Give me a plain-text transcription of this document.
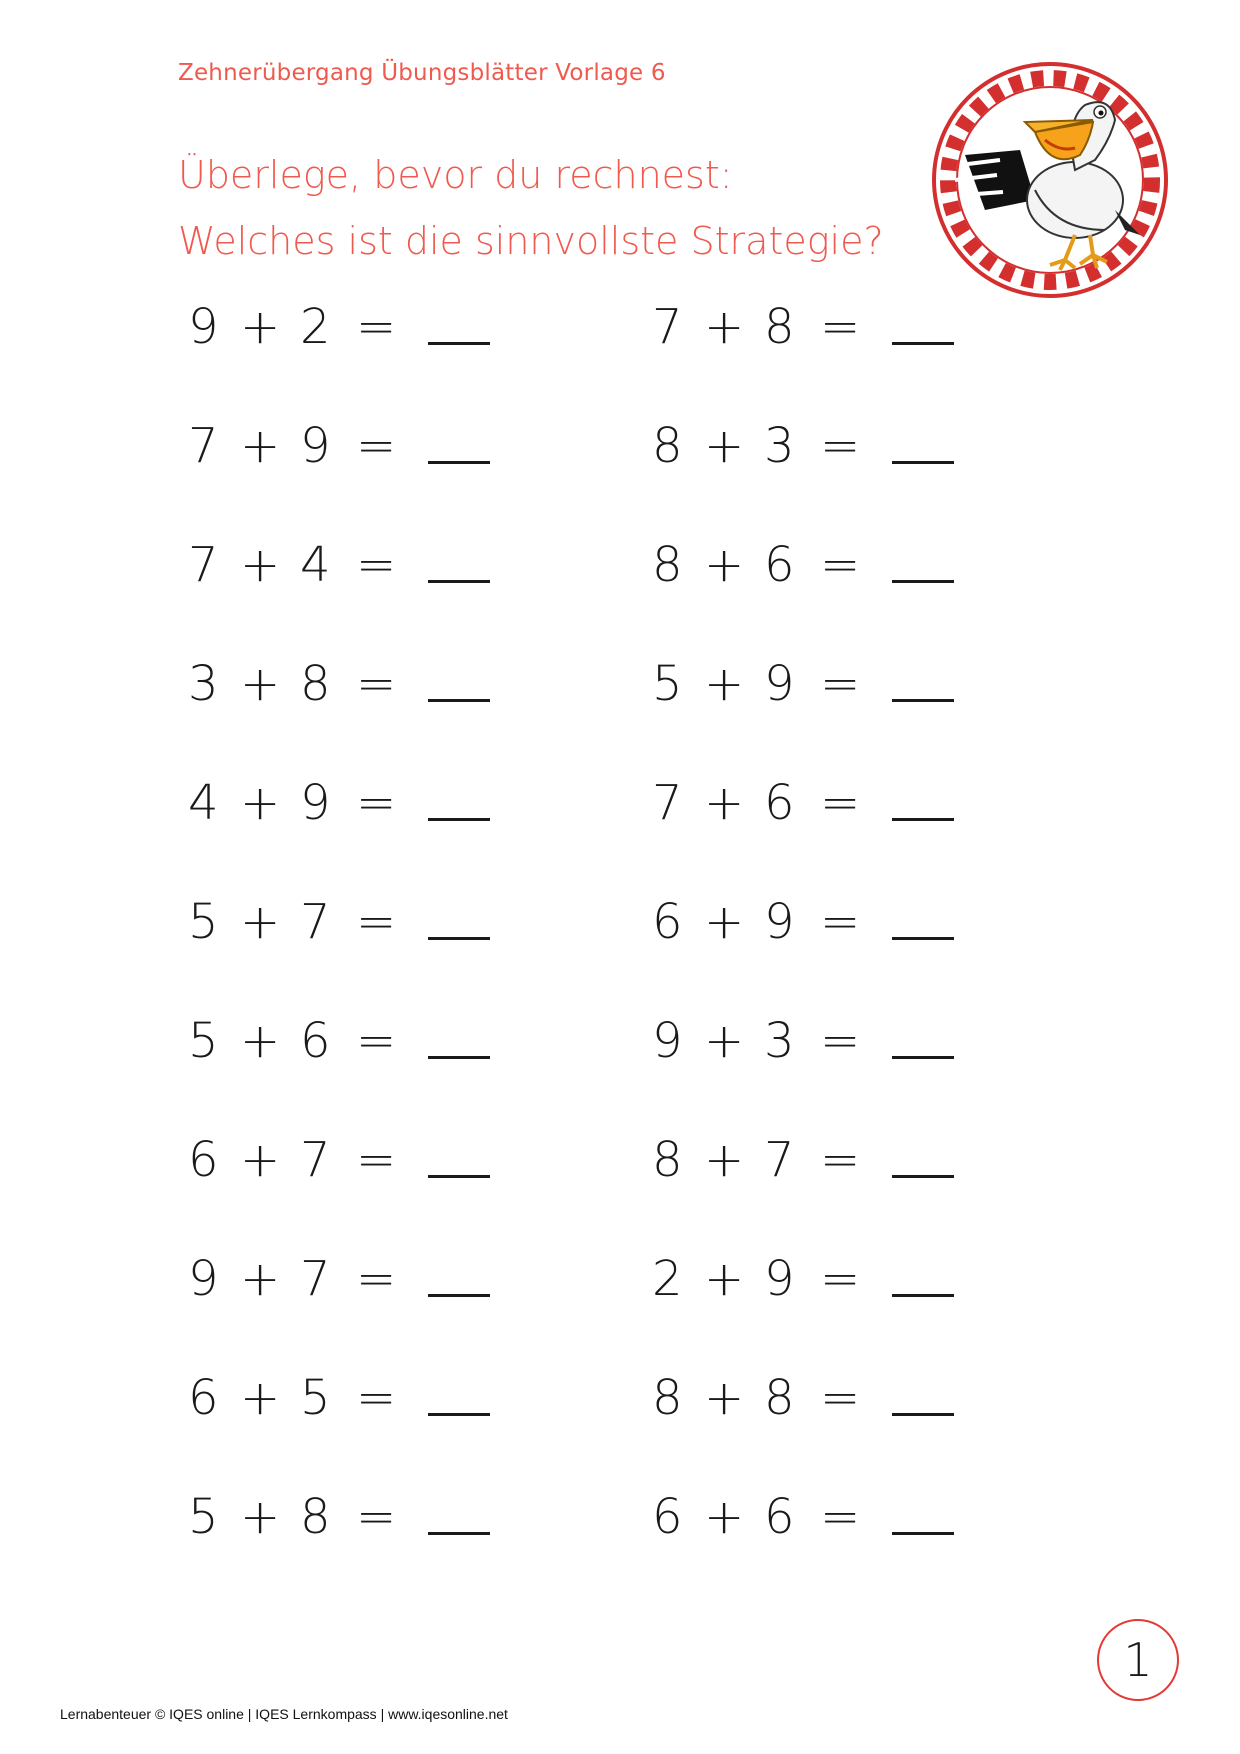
Zehnerübergang Übungsblätter Vorlage 6
Überlege, bevor du rechnest:
Welches ist die sinnvollste Strategie?
9 + 2 =
7 + 9 =
7 + 4 =
3 + 8 =
4 + 9 =
5 + 7 =
5 + 6 =
6 + 7 =
9 + 7 =
6 + 5 =
5 + 8 =
7 + 8 =
8 + 3 =
8 + 6 =
5 + 9 =
7 + 6 =
6 + 9 =
9 + 3 =
8 + 7 =
2 + 9 =
8 + 8 =
6 + 6 =
1
Lernabenteuer © IQES online | IQES Lernkompass | www.iqesonline.net
